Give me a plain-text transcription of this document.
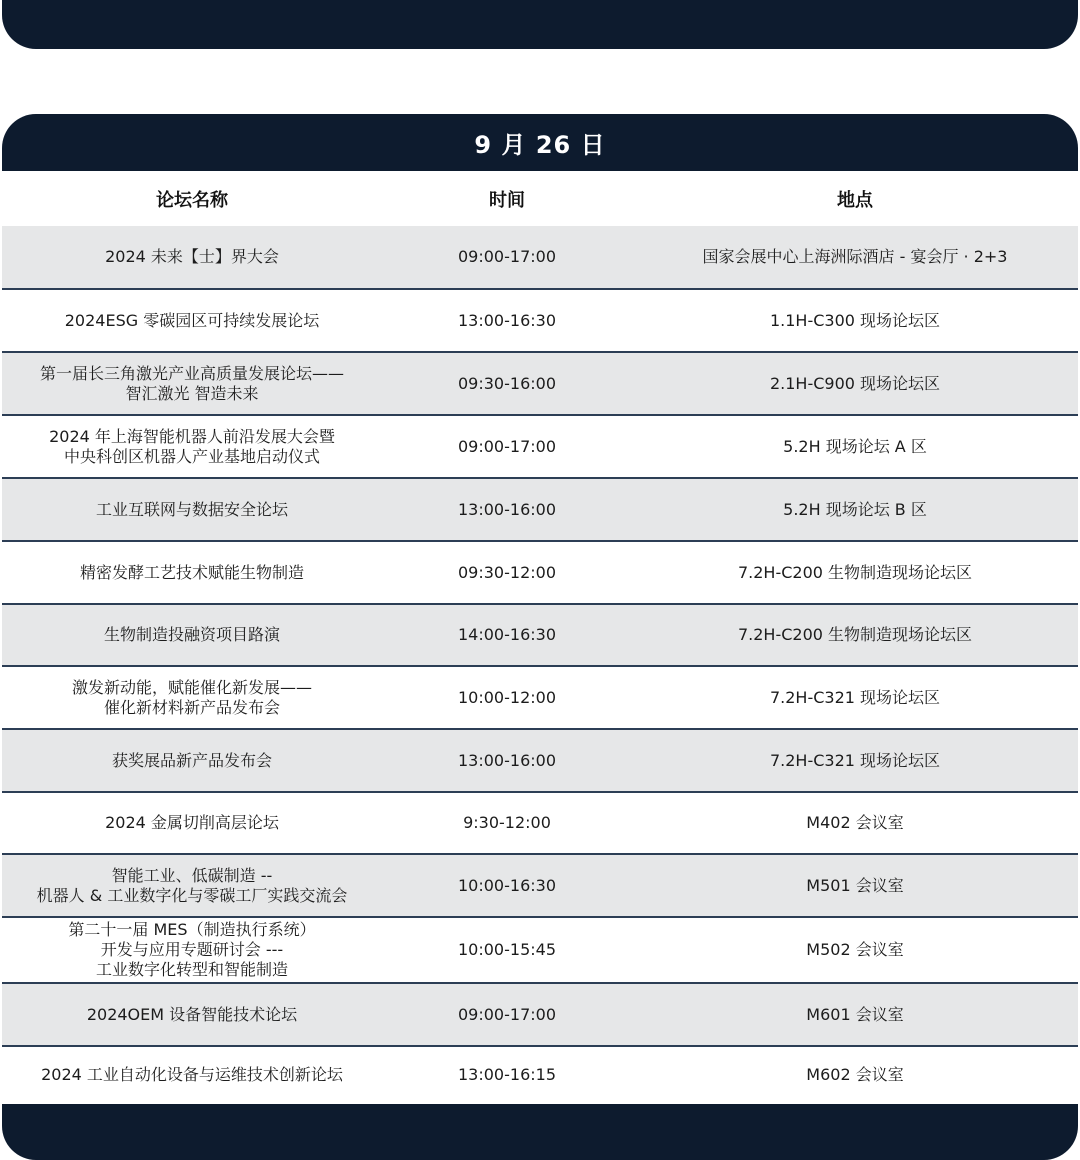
9 月 26 日
论坛名称	时间	地点
2024 未来【士】界大会	09:00-17:00	国家会展中心上海洲际酒店 - 宴会厅 · 2+3
2024ESG 零碳园区可持续发展论坛	13:00-16:30	1.1H-C300 现场论坛区
第一届长三角激光产业高质量发展论坛——
智汇激光 智造未来
09:30-16:00	2.1H-C900 现场论坛区
2024 年上海智能机器人前沿发展大会暨
中央科创区机器人产业基地启动仪式
09:00-17:00	5.2H 现场论坛 A 区
工业互联网与数据安全论坛	13:00-16:00	5.2H 现场论坛 B 区
精密发酵工艺技术赋能生物制造	09:30-12:00	7.2H-C200 生物制造现场论坛区
生物制造投融资项目路演	14:00-16:30	7.2H-C200 生物制造现场论坛区
激发新动能，赋能催化新发展——
催化新材料新产品发布会
10:00-12:00	7.2H-C321 现场论坛区
获奖展品新产品发布会	13:00-16:00	7.2H-C321 现场论坛区
2024 金属切削高层论坛	9:30-12:00	M402 会议室
智能工业、低碳制造 --
机器人 & 工业数字化与零碳工厂实践交流会
10:00-16:30	M501 会议室
第二十一届 MES（制造执行系统）
开发与应用专题研讨会 ---
工业数字化转型和智能制造
10:00-15:45	M502 会议室
2024OEM 设备智能技术论坛	09:00-17:00	M601 会议室
2024 工业自动化设备与运维技术创新论坛	13:00-16:15	M602 会议室
